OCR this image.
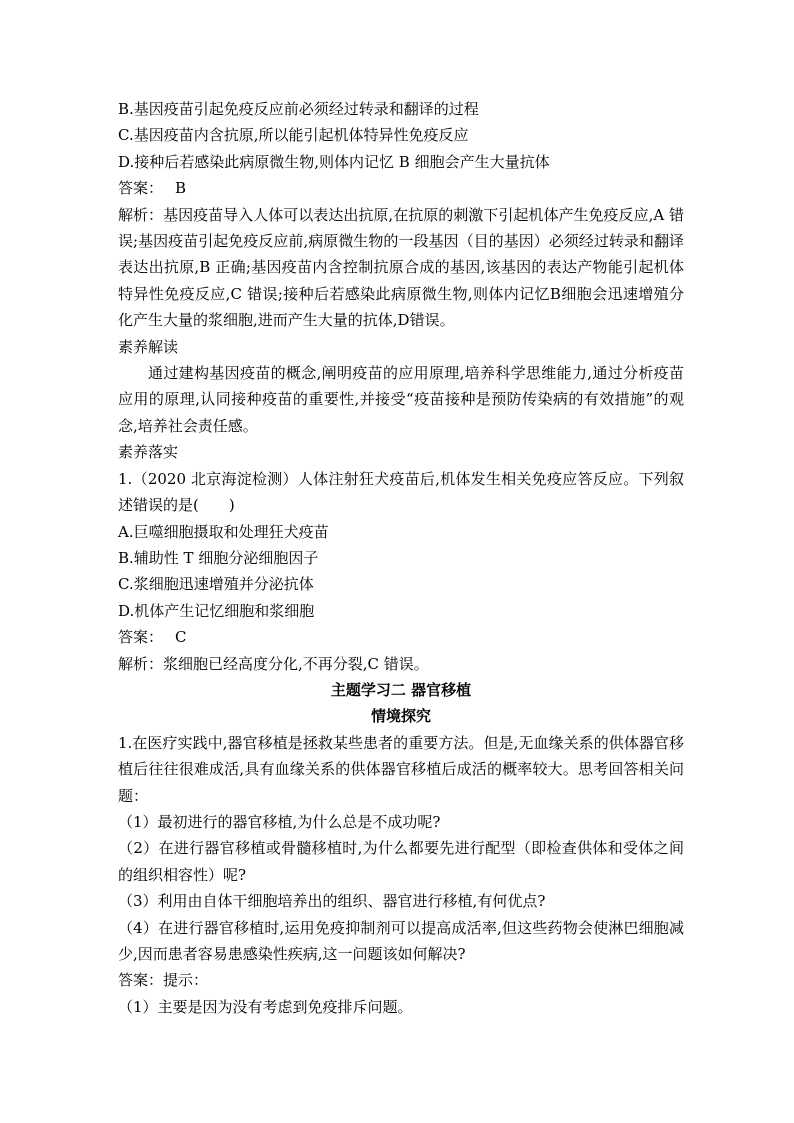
B.基因疫苗引起免疫反应前必须经过转录和翻译的过程

C.基因疫苗内含抗原,所以能引起机体特异性免疫反应

D.接种后若感染此病原微生物,则体内记忆 B 细胞会产生大量抗体

答案： B

解析：基因疫苗导入人体可以表达出抗原,在抗原的刺激下引起机体产生免疫反应,A 错误;基因疫苗引起免疫反应前,病原微生物的一段基因（目的基因）必须经过转录和翻译表达出抗原,B 正确;基因疫苗内含控制抗原合成的基因,该基因的表达产物能引起机体特异性免疫反应,C 错误;接种后若感染此病原微生物,则体内记忆B细胞会迅速增殖分化产生大量的浆细胞,进而产生大量的抗体,D错误。

素养解读

通过建构基因疫苗的概念,阐明疫苗的应用原理,培养科学思维能力,通过分析疫苗应用的原理,认同接种疫苗的重要性,并接受“疫苗接种是预防传染病的有效措施”的观念,培养社会责任感。

素养落实

1.（2020 北京海淀检测）人体注射狂犬疫苗后,机体发生相关免疫应答反应。下列叙述错误的是(　　)

A.巨噬细胞摄取和处理狂犬疫苗

B.辅助性 T 细胞分泌细胞因子

C.浆细胞迅速增殖并分泌抗体

D.机体产生记忆细胞和浆细胞

答案： C

解析：浆细胞已经高度分化,不再分裂,C 错误。

主题学习二 器官移植

情境探究

1.在医疗实践中,器官移植是拯救某些患者的重要方法。但是,无血缘关系的供体器官移植后往往很难成活,具有血缘关系的供体器官移植后成活的概率较大。思考回答相关问题：

（1）最初进行的器官移植,为什么总是不成功呢?

（2）在进行器官移植或骨髓移植时,为什么都要先进行配型（即检查供体和受体之间的组织相容性）呢?

（3）利用由自体干细胞培养出的组织、器官进行移植,有何优点?

（4）在进行器官移植时,运用免疫抑制剂可以提高成活率,但这些药物会使淋巴细胞减少,因而患者容易患感染性疾病,这一问题该如何解决?

答案：提示：

（1）主要是因为没有考虑到免疫排斥问题。
